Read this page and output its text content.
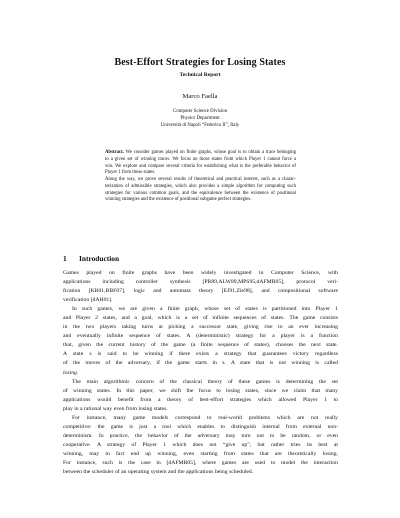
Best-Effort Strategies for Losing States
Technical Report
Marco Faella
Computer Science Division
Physics Department
Università di Napoli “Federico II”, Italy
Abstract. We consider games played on finite graphs, whose goal is to obtain a trace belonging
to a given set of winning traces. We focus on those states from which Player 1 cannot force a
win. We explore and compare several criteria for establishing what is the preferable behavior of
Player 1 from those states.
Along the way, we prove several results of theoretical and practical interest, such as a charac-
terization of admissible strategies, which also provides a simple algorithm for computing such
strategies for various common goals, and the equivalence between the existence of positional
winning strategies and the existence of positional subgame perfect strategies.
1 Introduction
Games played on finite graphs have been widely investigated in Computer Science, with
applications including controller synthesis [PR89,ALW89,MPS95,dAFMR05], protocol veri-
fication [KR01,BBF07], logic and automata theory [EJ91,Zie98], and compositional software
verification [dAH01].
In such games, we are given a finite graph, whose set of states is partitioned into Player 1
and Player 2 states, and a goal, which is a set of infinite sequences of states. The game consists
in the two players taking turns at picking a successor state, giving rise to an ever increasing
and eventually infinite sequence of states. A (deterministic) strategy for a player is a function
that, given the current history of the game (a finite sequence of states), chooses the next state.
A state s is said to be winning if there exists a strategy that guarantees victory regardless
of the moves of the adversary, if the game starts in s. A state that is not winning is called
losing.
The main algorithmic concern of the classical theory of these games is determining the set
of winning states. In this paper, we shift the focus to losing states, since we claim that many
applications would benefit from a theory of best-effort strategies which allowed Player 1 to
play in a rational way even from losing states.
For instance, many game models correspond to real-world problems which are not really
competitive: the game is just a tool which enables to distinguish internal from external non-
determinism. In practice, the behavior of the adversary may turn out to be random, or even
cooperative. A strategy of Player 1 which does not “give up”, but rather tries its best at
winning, may in fact end up winning, even starting from states that are theoretically losing.
For instance, such is the case in [dAFMR05], where games are used to model the interaction
between the scheduler of an operating system and the applications being scheduled.
